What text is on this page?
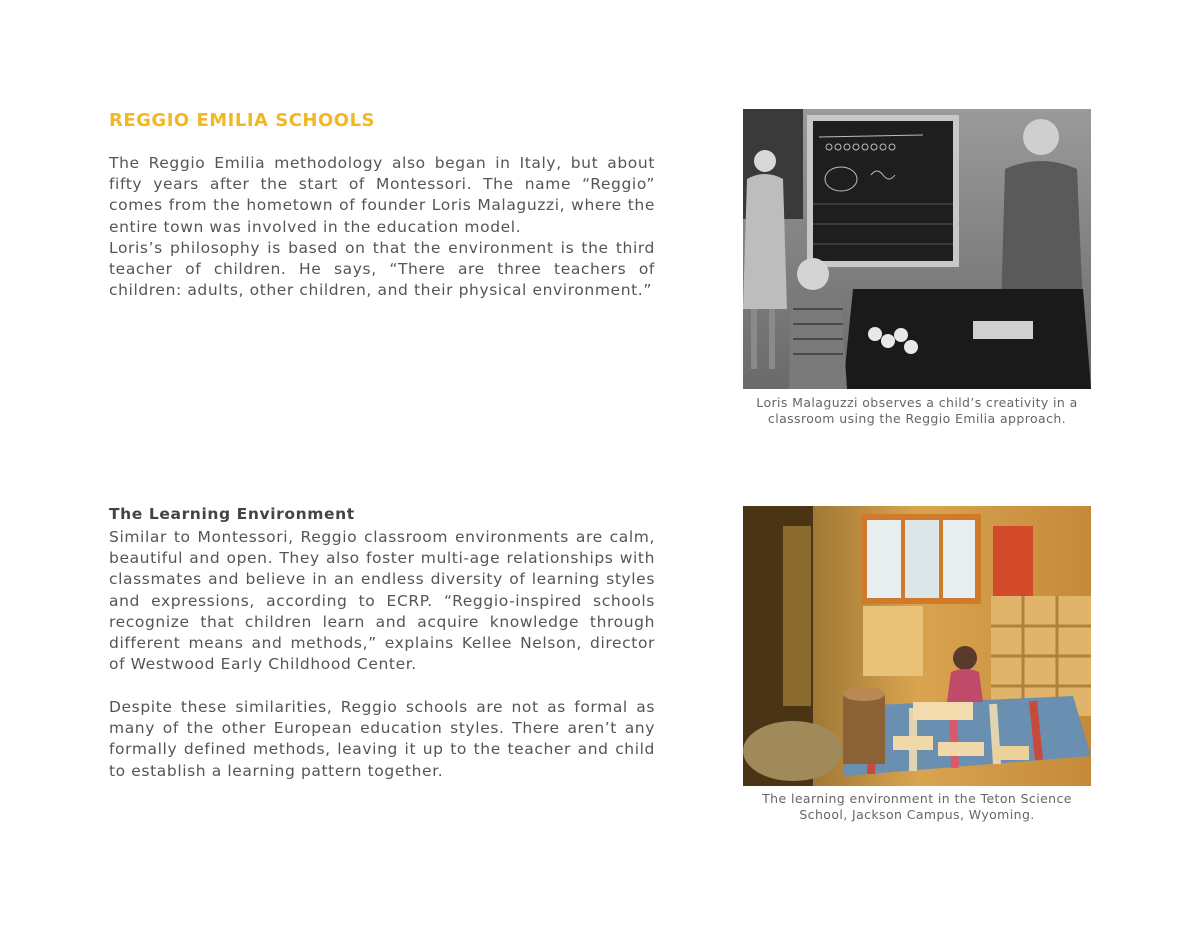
REGGIO EMILIA SCHOOLS

The Reggio Emilia methodology also began in Italy, but about fifty years after the start of Montessori. The name “Reggio” comes from the hometown of founder Loris Malaguzzi, where the entire town was involved in the education model.

Loris’s philosophy is based on that the environment is the third teacher of children. He says, “There are three teachers of children: adults, other children, and their physical environment.”

Loris Malaguzzi observes a child’s creativity in a classroom using the Reggio Emilia approach.
The Learning Environment

Similar to Montessori, Reggio classroom environments are calm, beautiful and open. They also foster multi-age relationships with classmates and believe in an endless diversity of learning styles and expressions, according to ECRP. “Reggio-inspired schools recognize that children learn and acquire knowledge through different means and methods,” explains Kellee Nelson, director of Westwood Early Childhood Center.

Despite these similarities, Reggio schools are not as formal as many of the other European education styles. There aren’t any formally defined methods, leaving it up to the teacher and child to establish a learning pattern together.

The learning environment in the Teton Science School, Jackson Campus, Wyoming.
